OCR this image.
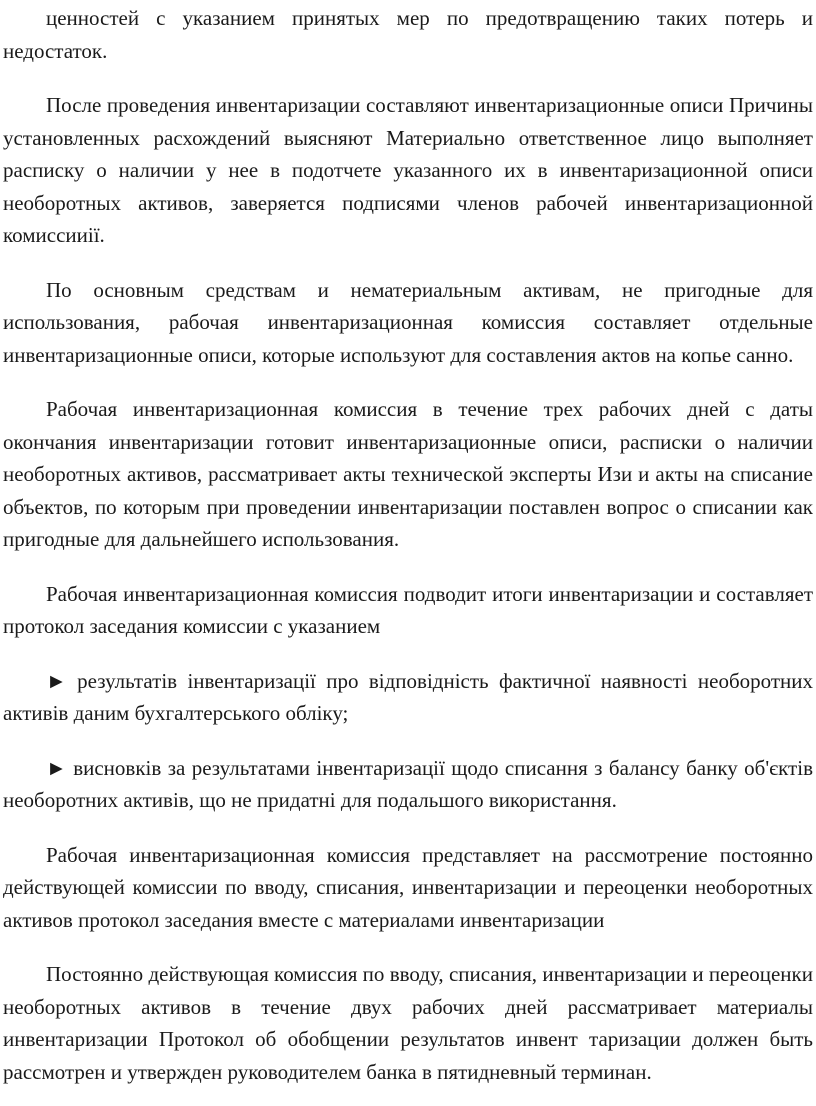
ценностей с указанием принятых мер по предотвращению таких потерь и недостаток.

После проведения инвентаризации составляют инвентаризационные описи Причины установленных расхождений выясняют Материально ответственное лицо выполняет расписку о наличии у нее в подотчете указанного их в инвентаризационной описи необоротных активов, заверяется подписями членов рабочей инвентаризационной комиссииії.

По основным средствам и нематериальным активам, не пригодные для использования, рабочая инвентаризационная комиссия составляет отдельные инвентаризационные описи, которые используют для составления актов на копье санно.

Рабочая инвентаризационная комиссия в течение трех рабочих дней с даты окончания инвентаризации готовит инвентаризационные описи, расписки о наличии необоротных активов, рассматривает акты технической эксперты Изи и акты на списание объектов, по которым при проведении инвентаризации поставлен вопрос о списании как пригодные для дальнейшего использования.

Рабочая инвентаризационная комиссия подводит итоги инвентаризации и составляет протокол заседания комиссии с указанием

► результатів інвентаризації про відповідність фактичної наявності необоротних активів даним бухгалтерського обліку;

► висновків за результатами інвентаризації щодо списання з балансу банку об'єктів необоротних активів, що не придатні для подальшого використання.

Рабочая инвентаризационная комиссия представляет на рассмотрение постоянно действующей комиссии по вводу, списания, инвентаризации и переоценки необоротных активов протокол заседания вместе с материалами инвентаризации

Постоянно действующая комиссия по вводу, списания, инвентаризации и переоценки необоротных активов в течение двух рабочих дней рассматривает материалы инвентаризации Протокол об обобщении результатов инвент таризации должен быть рассмотрен и утвержден руководителем банка в пятидневный терминан.
